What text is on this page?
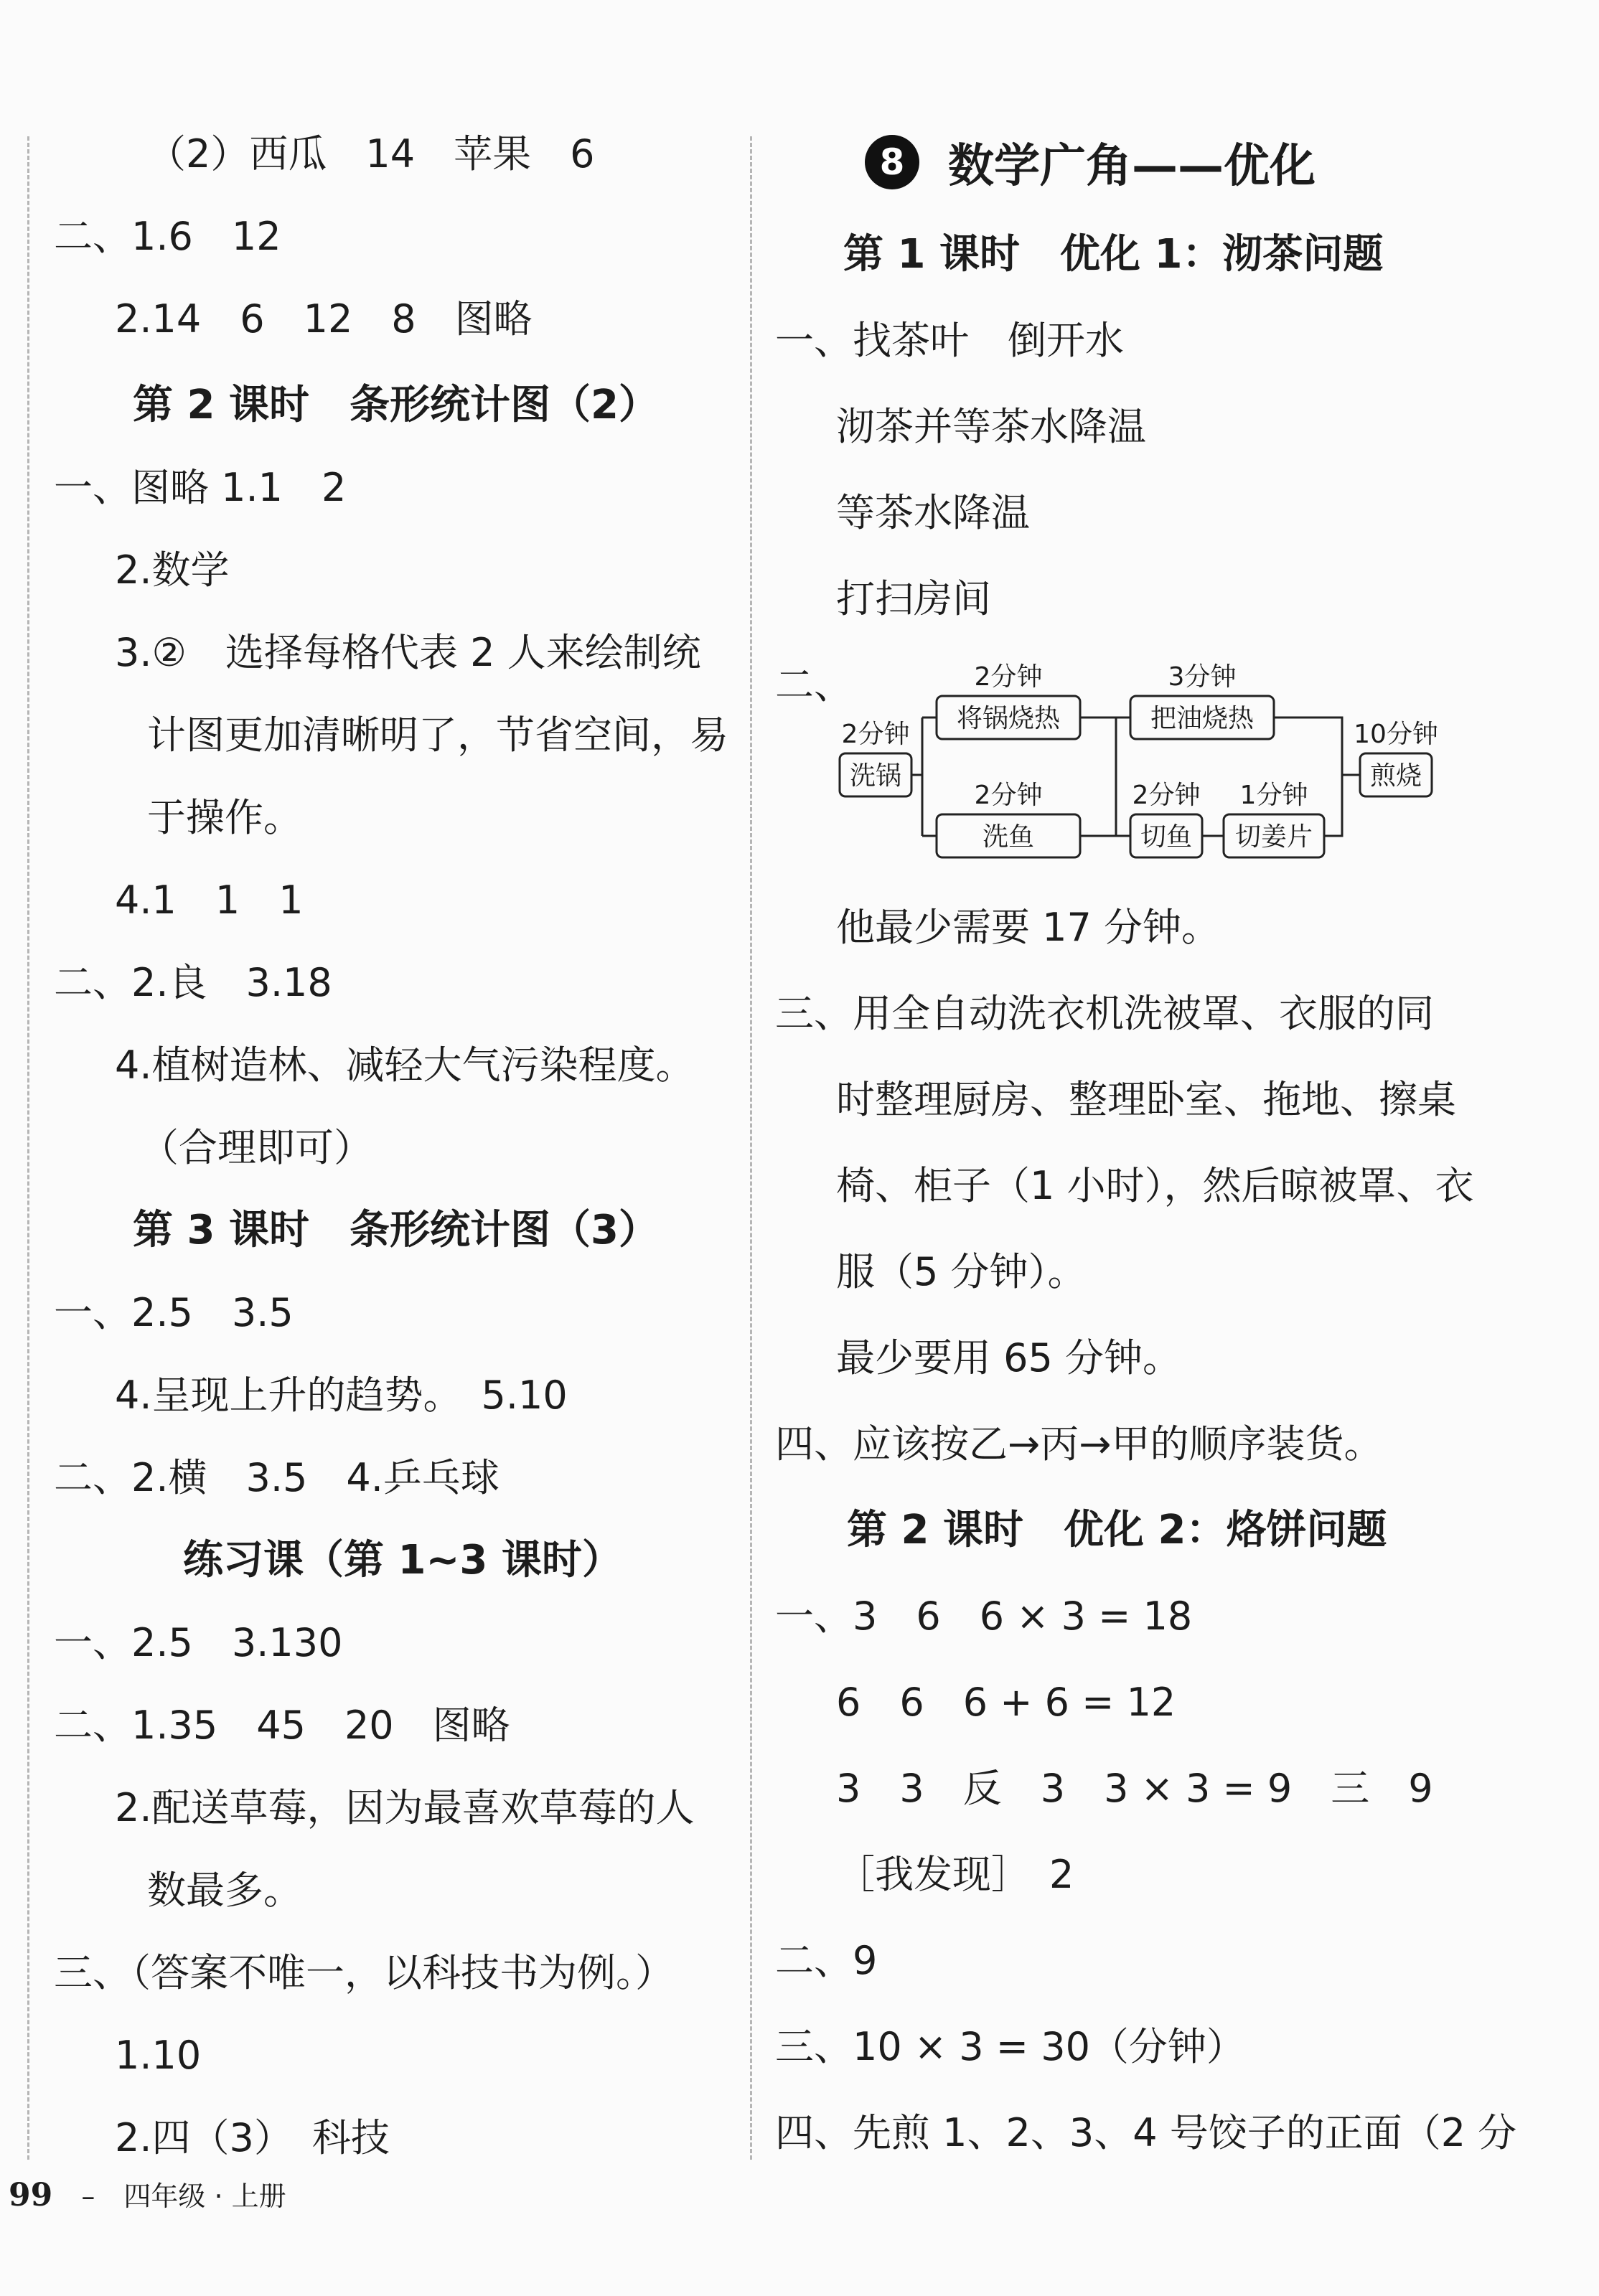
（2）西瓜　14　苹果　6
二、1.6　12
2.14　6　12　8　图略
第 2 课时　条形统计图（2）
一、图略 1.1　2
2.数学
3.②　选择每格代表 2 人来绘制统
计图更加清晰明了，节省空间，易
于操作。
4.1　1　1
二、2.良　3.18
4.植树造林、减轻大气污染程度。
（合理即可）
第 3 课时　条形统计图（3）
一、2.5　3.5
4.呈现上升的趋势。　5.10
二、2.横　3.5　4.乒乓球
练习课（第 1~3 课时）
一、2.5　3.130
二、1.35　45　20　图略
2.配送草莓，因为最喜欢草莓的人
数最多。
三、（答案不唯一，以科技书为例。）
1.10
2.四（3）　科技
8 数学广角——优化
第 1 课时　优化 1：沏茶问题
一、找茶叶　倒开水
沏茶并等茶水降温
等茶水降温
打扫房间
二、
2分钟
洗锅
2分钟
将锅烧热
3分钟
把油烧热
2分钟
洗鱼
2分钟
切鱼
1分钟
切姜片
10分钟
煎烧
他最少需要 17 分钟。
三、用全自动洗衣机洗被罩、衣服的同
时整理厨房、整理卧室、拖地、擦桌
椅、柜子（1 小时），然后晾被罩、衣
服（5 分钟）。
最少要用 65 分钟。
四、应该按乙→丙→甲的顺序装货。
第 2 课时　优化 2：烙饼问题
一、3　6　6 × 3 = 18
6　6　6 + 6 = 12
3　3　反　3　3 × 3 = 9　三　9
［我发现］　2
二、9
三、10 × 3 = 30（分钟）
四、先煎 1、2、3、4 号饺子的正面（2 分
99 – 四年级 · 上册
